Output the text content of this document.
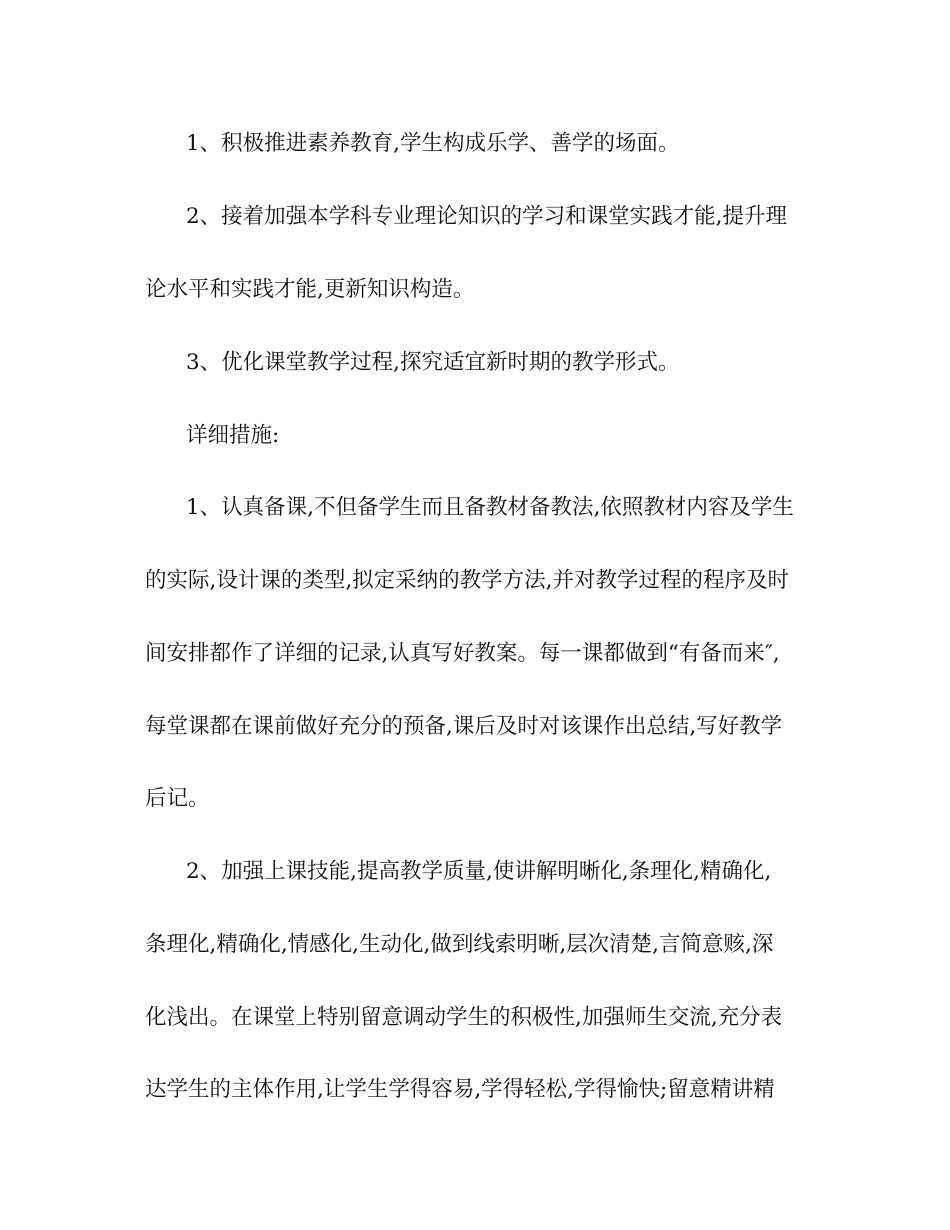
1、积极推进素养教育,学生构成乐学、善学的场面。
2、接着加强本学科专业理论知识的学习和课堂实践才能,提升理
论水平和实践才能,更新知识构造。
3、优化课堂教学过程,探究适宜新时期的教学形式。
详细措施:
1、认真备课,不但备学生而且备教材备教法,依照教材内容及学生
的实际,设计课的类型,拟定采纳的教学方法,并对教学过程的程序及时
间安排都作了详细的记录,认真写好教案。每一课都做到“有备而来″,
每堂课都在课前做好充分的预备,课后及时对该课作出总结,写好教学
后记。
2、加强上课技能,提高教学质量,使讲解明晰化,条理化,精确化,
条理化,精确化,情感化,生动化,做到线索明晰,层次清楚,言简意赅,深
化浅出。在课堂上特别留意调动学生的积极性,加强师生交流,充分表
达学生的主体作用,让学生学得容易,学得轻松,学得愉快;留意精讲精
